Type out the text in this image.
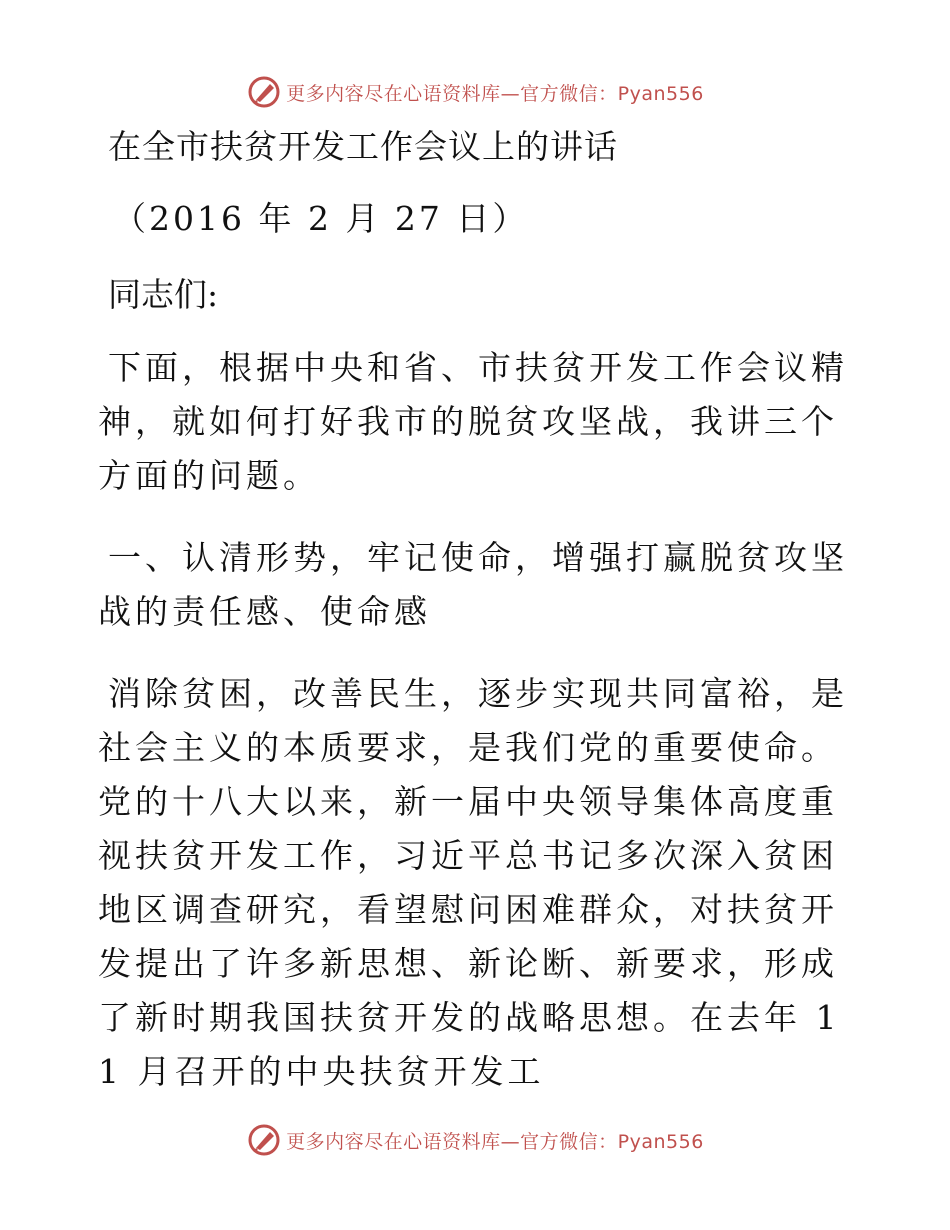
更多内容尽在心语资料库—官方微信：Pyan556
在全市扶贫开发工作会议上的讲话
（2016 年 2 月 27 日）
同志们:

下面，根据中央和省、市扶贫开发工作会议精神，就如何打好我市的脱贫攻坚战，我讲三个方面的问题。

一、认清形势，牢记使命，增强打赢脱贫攻坚战的责任感、使命感

消除贫困，改善民生，逐步实现共同富裕，是社会主义的本质要求，是我们党的重要使命。党的十八大以来，新一届中央领导集体高度重视扶贫开发工作，习近平总书记多次深入贫困地区调查研究，看望慰问困难群众，对扶贫开发提出了许多新思想、新论断、新要求，形成了新时期我国扶贫开发的战略思想。在去年 11 月召开的中央扶贫开发工

更多内容尽在心语资料库—官方微信：Pyan556
